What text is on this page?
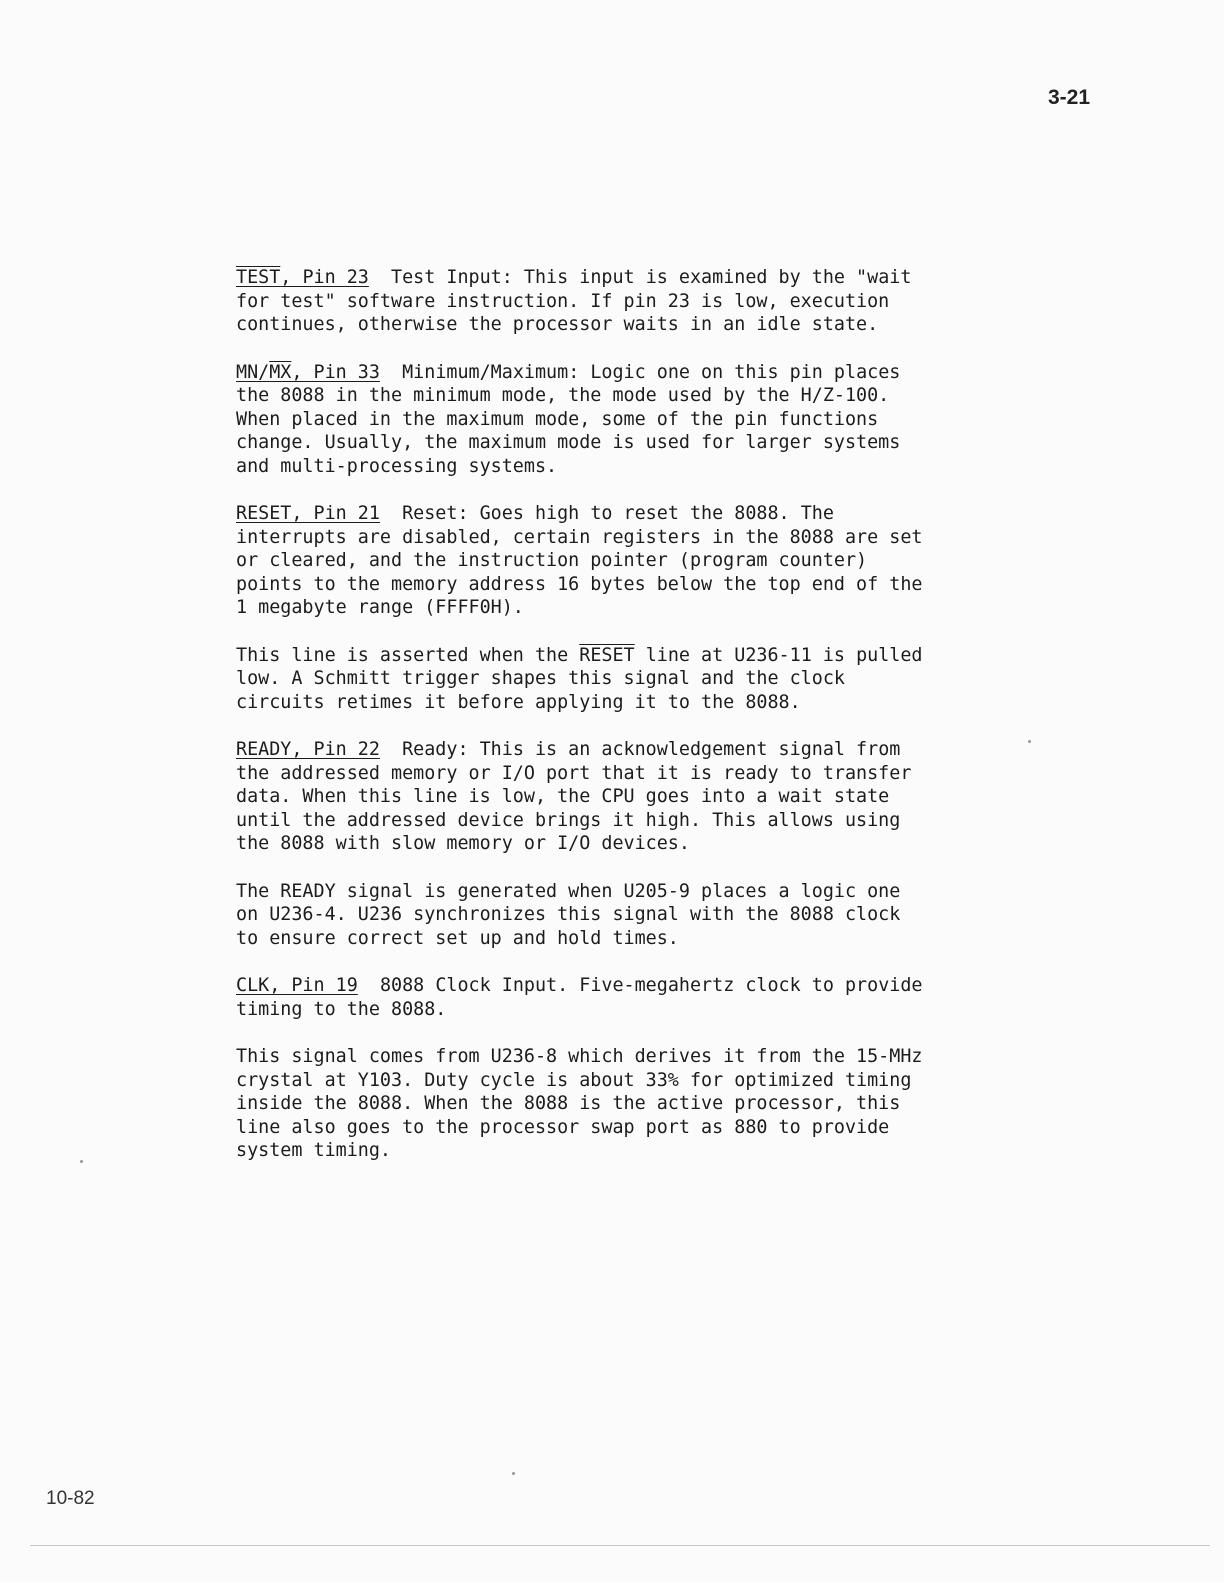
3-21

TEST, Pin 23 Test Input: This input is examined by the "wait for test" software instruction. If pin 23 is low, execution continues, otherwise the processor waits in an idle state.

MN/MX, Pin 33 Minimum/Maximum: Logic one on this pin places the 8088 in the minimum mode, the mode used by the H/Z-100. When placed in the maximum mode, some of the pin functions change. Usually, the maximum mode is used for larger systems and multi-processing systems.

RESET, Pin 21 Reset: Goes high to reset the 8088. The interrupts are disabled, certain registers in the 8088 are set or cleared, and the instruction pointer (program counter) points to the memory address 16 bytes below the top end of the 1 megabyte range (FFFF0H).

This line is asserted when the RESET line at U236-11 is pulled low. A Schmitt trigger shapes this signal and the clock circuits retimes it before applying it to the 8088.

READY, Pin 22 Ready: This is an acknowledgement signal from the addressed memory or I/O port that it is ready to transfer data. When this line is low, the CPU goes into a wait state until the addressed device brings it high. This allows using the 8088 with slow memory or I/O devices.

The READY signal is generated when U205-9 places a logic one on U236-4. U236 synchronizes this signal with the 8088 clock to ensure correct set up and hold times.

CLK, Pin 19 8088 Clock Input. Five-megahertz clock to provide timing to the 8088.

This signal comes from U236-8 which derives it from the 15-MHz crystal at Y103. Duty cycle is about 33% for optimized timing inside the 8088. When the 8088 is the active processor, this line also goes to the processor swap port as 880 to provide system timing.

10-82
